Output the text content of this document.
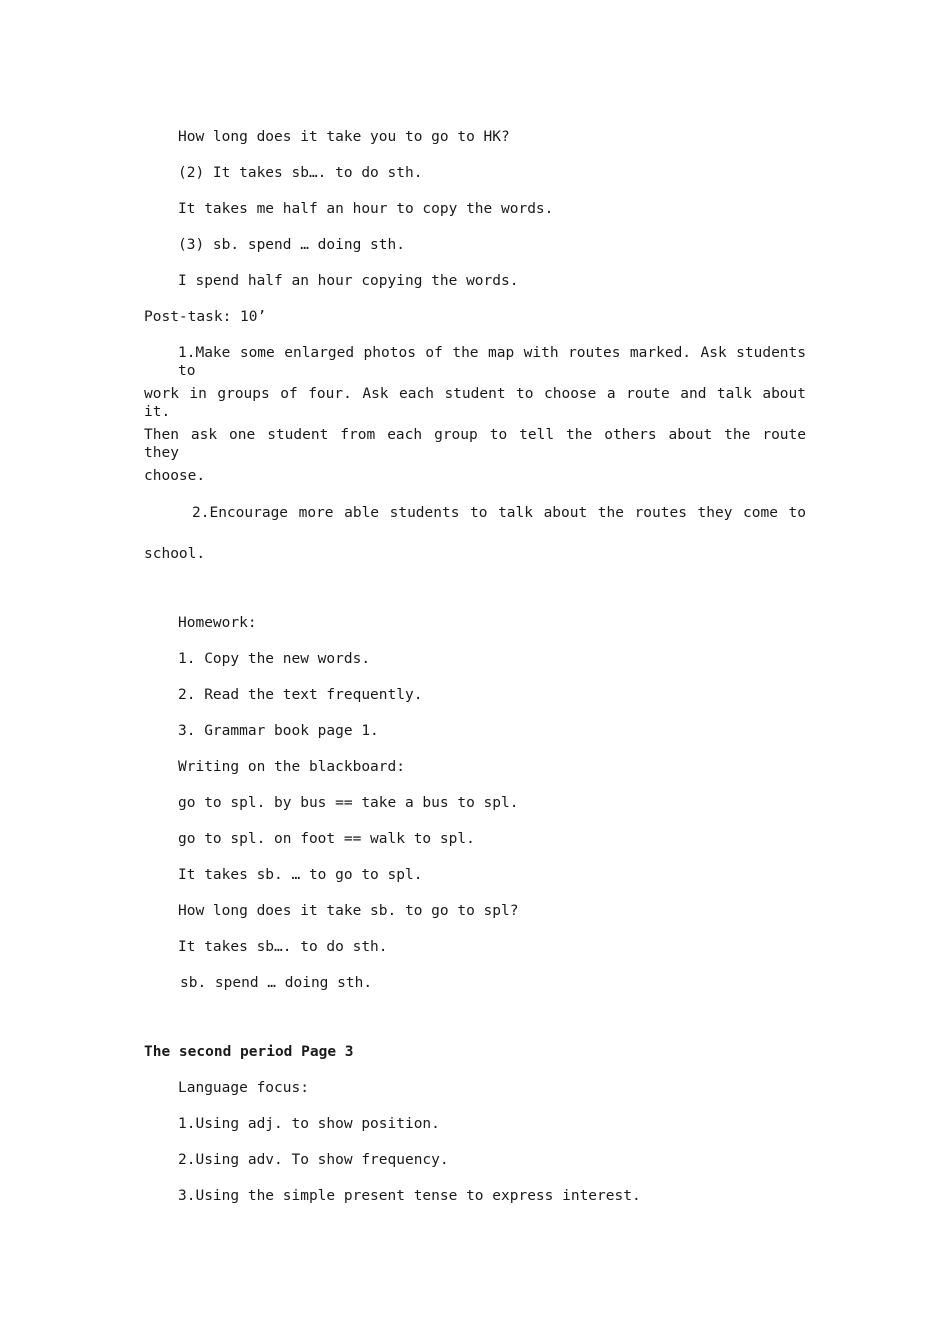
How long does it take you to go to HK?
(2) It takes sb…. to do sth.
It takes me half an hour to copy the words.
(3) sb. spend … doing sth.
I spend half an hour copying the words.
Post-task: 10’
1.Make some enlarged photos of the map with routes marked. Ask students to
work in groups of four. Ask each student to choose a route and talk about it.
Then ask one student from each group to tell the others about the route they
choose.
2.Encourage more able students to talk about the routes they come to
school.
Homework:
1. Copy the new words.
2. Read the text frequently.
3. Grammar book page 1.
Writing on the blackboard:
go to spl. by bus == take a bus to spl.
go to spl. on foot == walk to spl.
It takes sb. … to go to spl.
How long does it take sb. to go to spl?
It takes sb…. to do sth.
sb. spend … doing sth.
The second period Page 3
Language focus:
1.Using adj. to show position.
2.Using adv. To show frequency.
3.Using the simple present tense to express interest.
